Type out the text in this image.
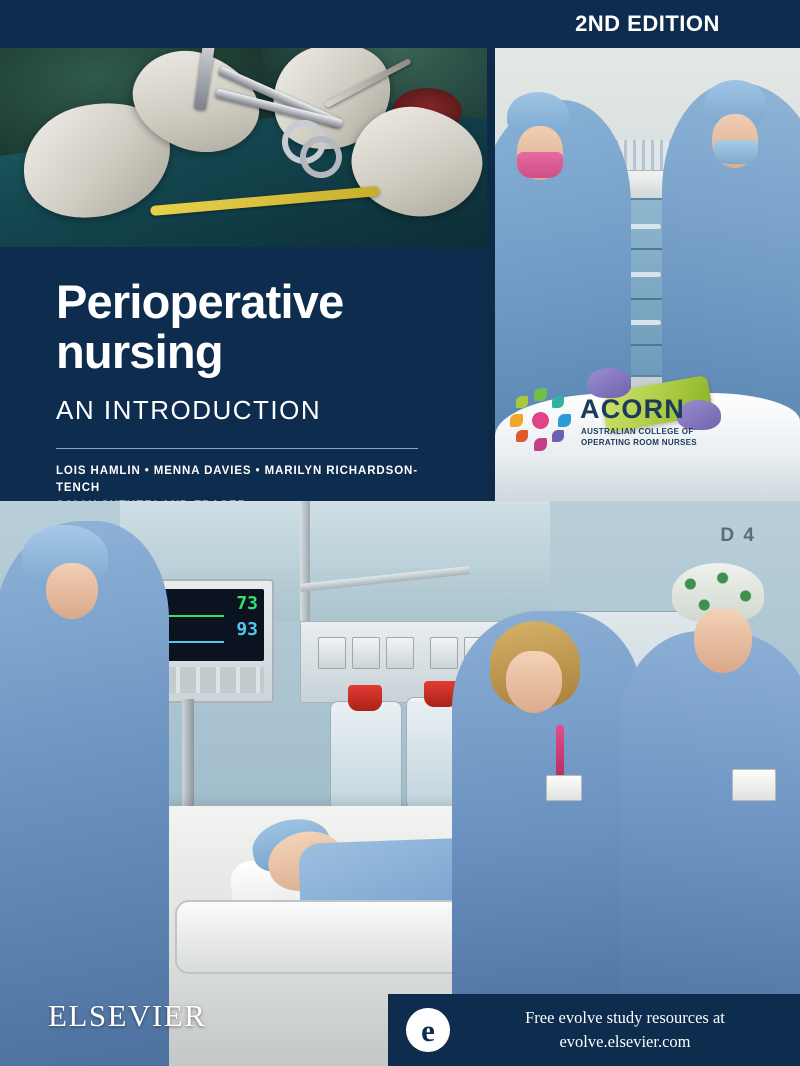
2ND EDITION
Perioperative nursing
AN INTRODUCTION
LOIS HAMLIN • MENNA DAVIES • MARILYN RICHARDSON-TENCH
ACORN
AUSTRALIAN COLLEGE OF
OPERATING ROOM NURSES
D 4
73
93
ELSEVIER	e	Free evolve study resources at
evolve.elsevier.com
